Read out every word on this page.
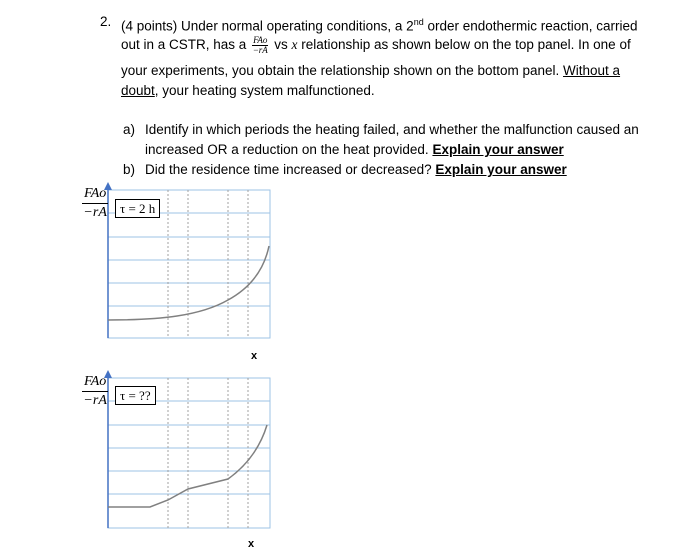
2. (4 points) Under normal operating conditions, a 2nd order endothermic reaction, carried
out in a CSTR, has a $\frac{\text{FAo}}{-rA}$ vs x relationship as shown below on the top panel. In one of
your experiments, you obtain the relationship shown on the bottom panel. Without a
doubt, your heating system malfunctioned.
a) Identify in which periods the heating failed, and whether the malfunction caused an
increased OR a reduction on the heat provided. Explain your answer
b) Did the residence time increased or decreased? Explain your answer
FAo
−rA	τ = 2 h
x
FAo
−rA	τ = ??
x
